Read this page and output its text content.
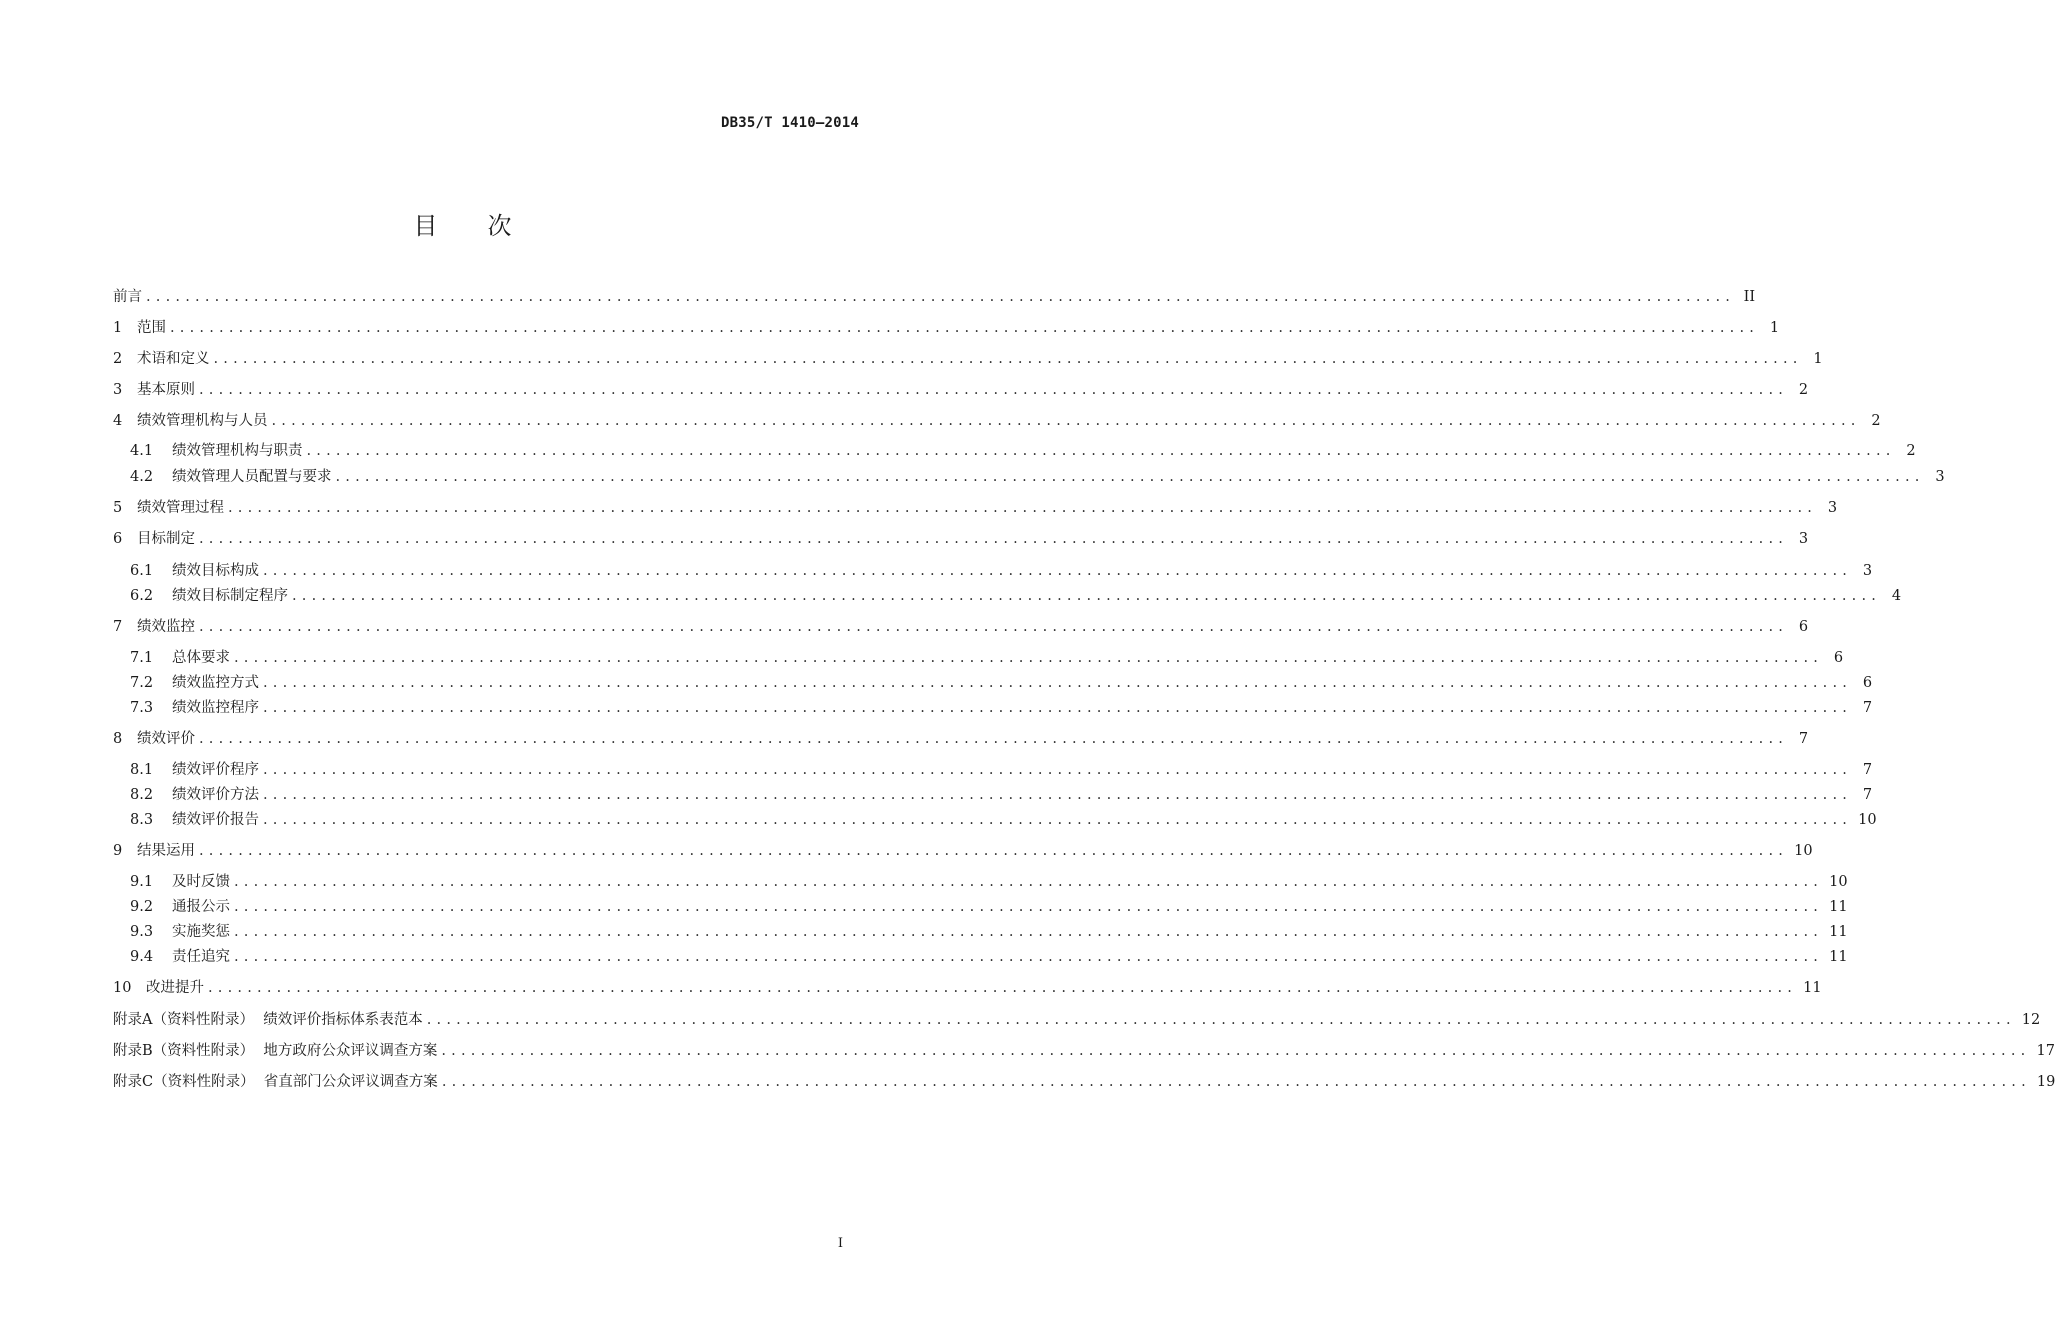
DB35/T 1410—2014
目次
前言 .................................................................................................................................................................. II
1 范围 .................................................................................................................................................................. 1
2 术语和定义 .................................................................................................................................................................. 1
3 基本原则 .................................................................................................................................................................. 2
4 绩效管理机构与人员 .................................................................................................................................................................. 2
4.1 绩效管理机构与职责 .................................................................................................................................................................. 2
4.2 绩效管理人员配置与要求 .................................................................................................................................................................. 3
5 绩效管理过程 .................................................................................................................................................................. 3
6 目标制定 .................................................................................................................................................................. 3
6.1 绩效目标构成 .................................................................................................................................................................. 3
6.2 绩效目标制定程序 .................................................................................................................................................................. 4
7 绩效监控 .................................................................................................................................................................. 6
7.1 总体要求 .................................................................................................................................................................. 6
7.2 绩效监控方式 .................................................................................................................................................................. 6
7.3 绩效监控程序 .................................................................................................................................................................. 7
8 绩效评价 .................................................................................................................................................................. 7
8.1 绩效评价程序 .................................................................................................................................................................. 7
8.2 绩效评价方法 .................................................................................................................................................................. 7
8.3 绩效评价报告 .................................................................................................................................................................. 10
9 结果运用 .................................................................................................................................................................. 10
9.1 及时反馈 .................................................................................................................................................................. 10
9.2 通报公示 .................................................................................................................................................................. 11
9.3 实施奖惩 .................................................................................................................................................................. 11
9.4 责任追究 .................................................................................................................................................................. 11
10 改进提升 .................................................................................................................................................................. 11
附录A（资料性附录）  绩效评价指标体系表范本 .................................................................................................................................................................. 12
附录B（资料性附录）  地方政府公众评议调查方案 .................................................................................................................................................................. 17
附录C（资料性附录）  省直部门公众评议调查方案 .................................................................................................................................................................. 19
I
